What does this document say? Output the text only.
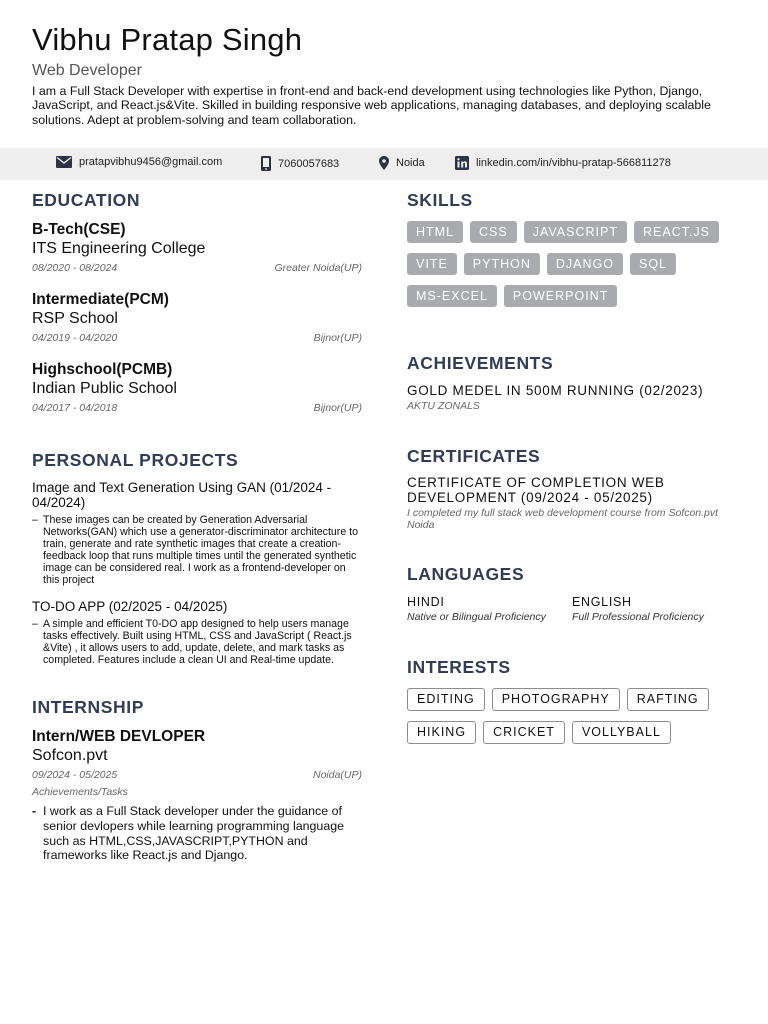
Vibhu Pratap Singh
Web Developer
I am a Full Stack Developer with expertise in front-end and back-end development using technologies like Python, Django, JavaScript, and React.js&Vite. Skilled in building responsive web applications, managing databases, and deploying scalable solutions. Adept at problem-solving and team collaboration.
pratapvibhu9456@gmail.com	7060057683	Noida	linkedin.com/in/vibhu-pratap-566811278
EDUCATION
B-Tech(CSE)
ITS Engineering College
08/2020 - 08/2024	Greater Noida(UP)
Intermediate(PCM)
RSP School
04/2019 - 04/2020	Bijnor(UP)
Highschool(PCMB)
Indian Public School
04/2017 - 04/2018	Bijnor(UP)
PERSONAL PROJECTS
Image and Text Generation Using GAN (01/2024 - 04/2024)
– These images can be created by Generation Adversarial Networks(GAN) which use a generator-discriminator architecture to train, generate and rate synthetic images that create a creation-feedback loop that runs multiple times until the generated synthetic image can be considered real. I work as a frontend-developer on this project
TO-DO APP (02/2025 - 04/2025)
– A simple and efficient T0-DO app designed to help users manage tasks effectively. Built using HTML, CSS and JavaScript ( React.js &Vite) , it allows users to add, update, delete, and mark tasks as completed. Features include a clean UI and Real-time update.
INTERNSHIP
Intern/WEB DEVLOPER
Sofcon.pvt
09/2024 - 05/2025	Noida(UP)
Achievements/Tasks
- I work as a Full Stack developer under the guidance of senior devlopers while learning programming language such as HTML,CSS,JAVASCRIPT,PYTHON and frameworks like React.js and Django.
SKILLS
HTML	CSS	JAVASCRIPT	REACT.JS
VITE	PYTHON	DJANGO	SQL
MS-EXCEL	POWERPOINT
ACHIEVEMENTS
GOLD MEDEL IN 500M RUNNING (02/2023)
AKTU ZONALS
CERTIFICATES
CERTIFICATE OF COMPLETION WEB DEVELOPMENT (09/2024 - 05/2025)
I completed my full stack web development course from Sofcon.pvt Noida
LANGUAGES
HINDI
Native or Bilingual Proficiency
ENGLISH
Full Professional Proficiency
INTERESTS
EDITING	PHOTOGRAPHY	RAFTING
HIKING	CRICKET	VOLLYBALL
